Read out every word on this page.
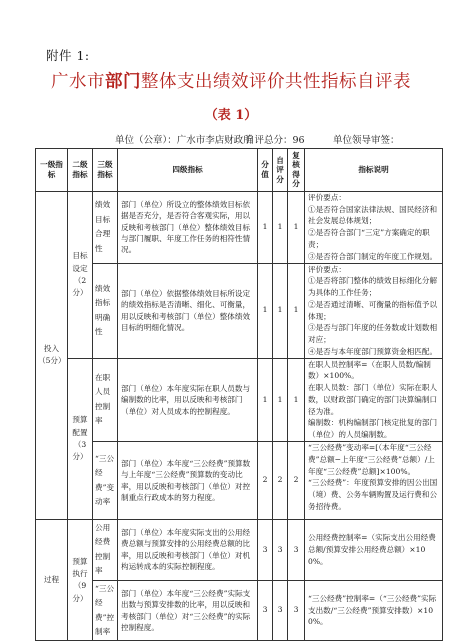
附件 1:
广水市部门整体支出绩效评价共性指标自评表
（表 1）
单位（公章）：广水市李店财政所
自评总分：96	单位领导审签：
一级指标	二级指标	三级指标	四级指标	分值	自评分	复核得分	指标说明
投入（5分）	目标设定（2分）	绩效目标合理性	部门（单位）所设立的整体绩效目标依据是否充分，是否符合客观实际，用以反映和考核部门（单位）整体绩效目标与部门履职、年度工作任务的相符性情况。	1	1	1	评价要点：
①是否符合国家法律法规、国民经济和社会发展总体规划；
②是否符合部门“三定”方案确定的职责；
③是否符合部门制定的年度工作规划。
		绩效指标明确性	部门（单位）依据整体绩效目标所设定的绩效指标是否清晰、细化、可衡量，用以反映和考核部门（单位）整体绩效目标的明细化情况。	1	1	1	评价要点：
①是否将部门整体的绩效目标细化分解为具体的工作任务；
②是否通过清晰、可衡量的指标值予以体现；
③是否与部门年度的任务数或计划数相对应；
④是否与本年度部门预算资金相匹配。
	预算配置（3分）	在职人员控制率	部门（单位）本年度实际在职人员数与编制数的比率，用以反映和考核部门（单位）对人员成本的控制程度。	1	1	1	在职人员控制率=（在职人员数/编制数）×100%。
在职人员数：部门（单位）实际在职人数，以财政部门确定的部门决算编制口径为准。
编制数：机构编制部门核定批复的部门（单位）的人员编制数。
		“三公经费”变动率	部门（单位）本年度“三公经费”预算数与上年度“三公经费”预算数的变动比率，用以反映和考核部门（单位）对控制重点行政成本的努力程度。	2	2	2	“三公经费”变动率=[（本年度“三公经费”总额−上年度“三公经费”总额）/上年度“三公经费”总额]×100%。
“三公经费”：年度预算安排的因公出国（境）费、公务车辆购置及运行费和公务招待费。
过程	预算执行（9分）	公用经费控制率	部门（单位）本年度实际支出的公用经费总额与预算安排的公用经费总额的比率，用以反映和考核部门（单位）对机构运转成本的实际控制程度。	3	3	3	公用经费控制率=（实际支出公用经费总额/预算安排公用经费总额）×100%。
		“三公经费”控制率	部门（单位）本年度“三公经费”实际支出数与预算安排数的比率，用以反映和考核部门（单位）对“三公经费”的实际控制程度。	3	3	3	“三公经费”控制率=（“三公经费”实际支出数/“三公经费”预算安排数）×100%。
